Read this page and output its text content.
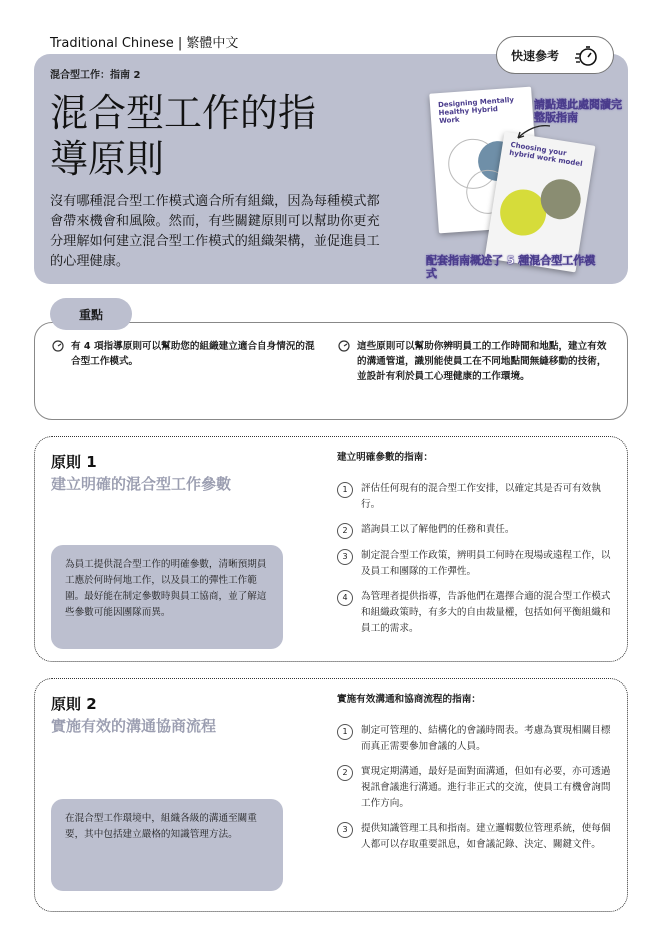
Traditional Chinese | 繁體中文
快速參考
混合型工作：指南 2
混合型工作的指導原則

沒有哪種混合型工作模式適合所有組織，因為每種模式都會帶來機會和風險。然而，有些關鍵原則可以幫助你更充分理解如何建立混合型工作模式的組織架構，並促進員工的心理健康。

Designing Mentally Healthy Hybrid Work
Choosing your hybrid work model
請點選此處閱讀完整版指南
配套指南概述了 5 種混合型工作模式
重點
有 4 項指導原則可以幫助您的組織建立適合自身情況的混合型工作模式。
這些原則可以幫助你辨明員工的工作時間和地點，建立有效的溝通管道，識別能使員工在不同地點間無縫移動的技術，並設計有利於員工心理健康的工作環境。
原則 1
建立明確的混合型工作參數
為員工提供混合型工作的明確參數，清晰預期員工應於何時何地工作，以及員工的彈性工作範圍。最好能在制定參數時與員工協商，並了解這些參數可能因團隊而異。
建立明確參數的指南：
1	評估任何現有的混合型工作安排，以確定其是否可有效執行。
2	諮詢員工以了解他們的任務和責任。
3	制定混合型工作政策，辨明員工何時在現場或遠程工作，以及員工和團隊的工作彈性。
4	為管理者提供指導，告訴他們在選擇合適的混合型工作模式和組織政策時，有多大的自由裁量權，包括如何平衡組織和員工的需求。
原則 2
實施有效的溝通協商流程
在混合型工作環境中，組織各級的溝通至關重要，其中包括建立嚴格的知識管理方法。
實施有效溝通和協商流程的指南：
1	制定可管理的、結構化的會議時間表。考慮為實現相關目標而真正需要參加會議的人員。
2	實現定期溝通，最好是面對面溝通，但如有必要，亦可透過視訊會議進行溝通。進行非正式的交流，使員工有機會詢問工作方向。
3	提供知識管理工具和指南。建立邏輯數位管理系統，使每個人都可以存取重要訊息，如會議記錄、決定、關鍵文件。
